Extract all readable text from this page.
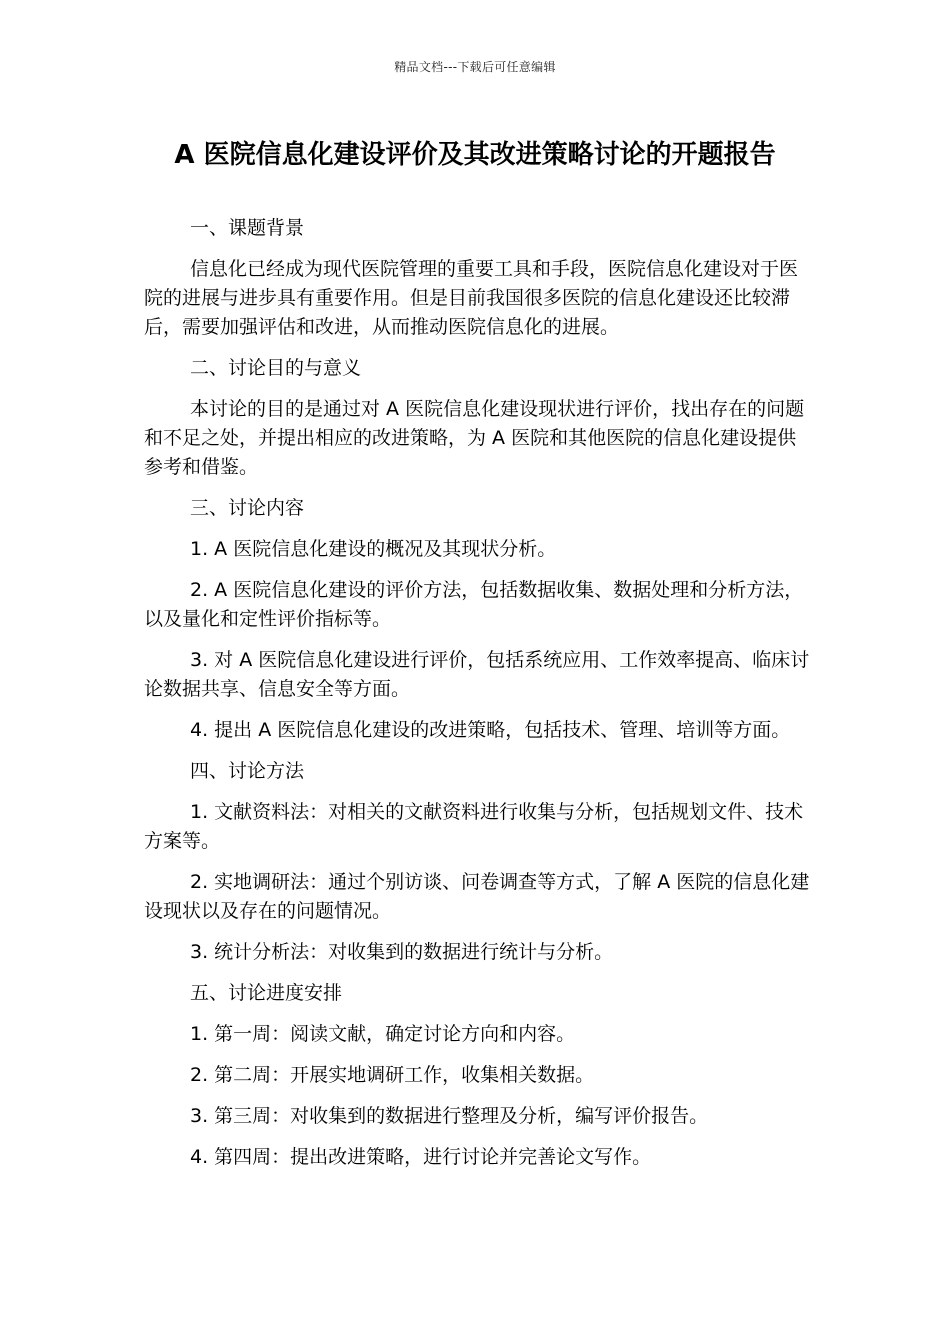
精品文档---下载后可任意编辑
A 医院信息化建设评价及其改进策略讨论的开题报告

一、课题背景

信息化已经成为现代医院管理的重要工具和手段，医院信息化建设对于医院的进展与进步具有重要作用。但是目前我国很多医院的信息化建设还比较滞后，需要加强评估和改进，从而推动医院信息化的进展。

二、讨论目的与意义

本讨论的目的是通过对 A 医院信息化建设现状进行评价，找出存在的问题和不足之处，并提出相应的改进策略，为 A 医院和其他医院的信息化建设提供参考和借鉴。

三、讨论内容

1. A 医院信息化建设的概况及其现状分析。

2. A 医院信息化建设的评价方法，包括数据收集、数据处理和分析方法，以及量化和定性评价指标等。

3. 对 A 医院信息化建设进行评价，包括系统应用、工作效率提高、临床讨论数据共享、信息安全等方面。

4. 提出 A 医院信息化建设的改进策略，包括技术、管理、培训等方面。

四、讨论方法

1. 文献资料法：对相关的文献资料进行收集与分析，包括规划文件、技术方案等。

2. 实地调研法：通过个别访谈、问卷调查等方式，了解 A 医院的信息化建设现状以及存在的问题情况。

3. 统计分析法：对收集到的数据进行统计与分析。

五、讨论进度安排

1. 第一周：阅读文献，确定讨论方向和内容。

2. 第二周：开展实地调研工作，收集相关数据。

3. 第三周：对收集到的数据进行整理及分析，编写评价报告。

4. 第四周：提出改进策略，进行讨论并完善论文写作。
